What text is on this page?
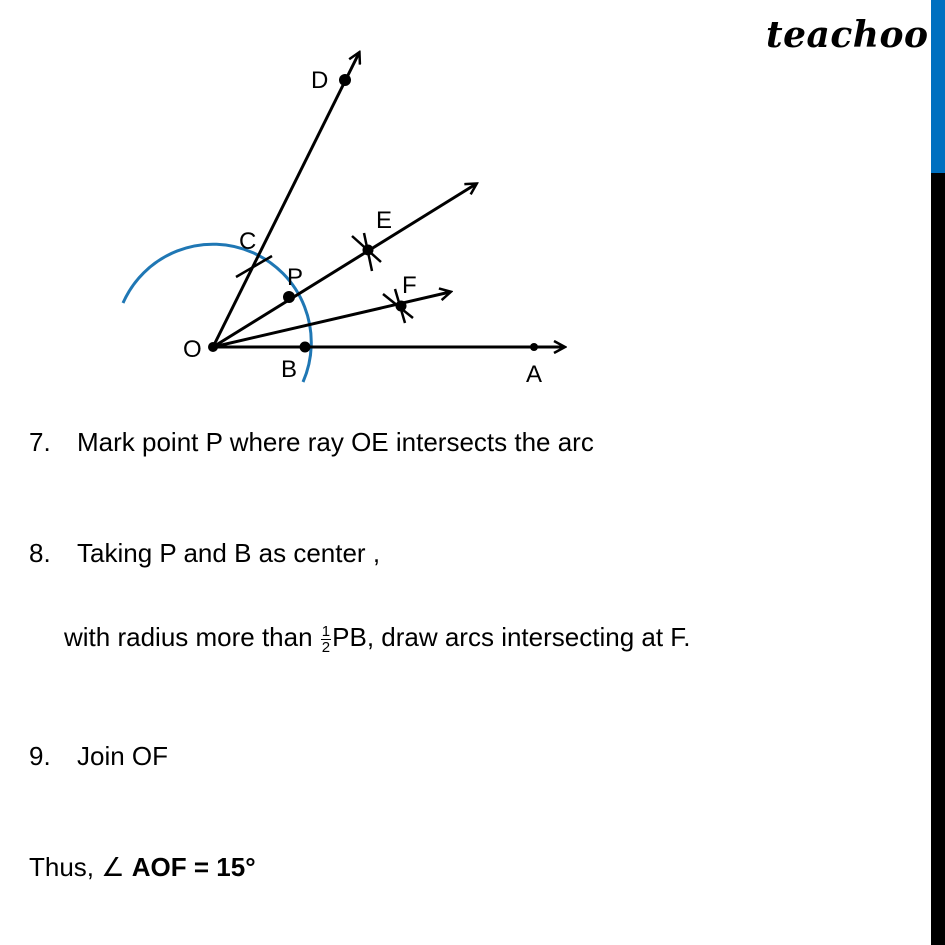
teachoo
O
B	A
D
C
E
P	F
7. Mark point P where ray OE intersects the arc
8. Taking P and B as center ,
with radius more than $\frac{1}{2}$ PB, draw arcs intersecting at F.
9. Join OF
Thus, ∠ AOF = 15°
